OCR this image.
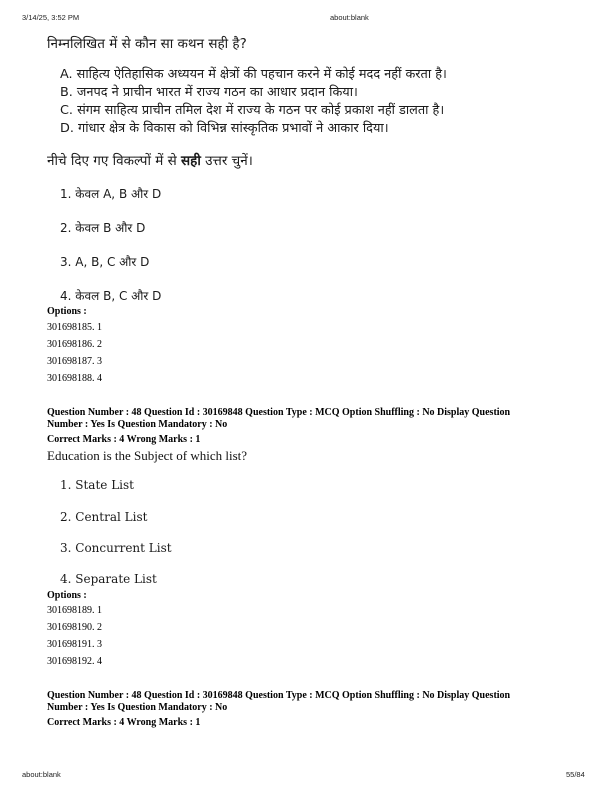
3/14/25, 3:52 PM	about:blank
निम्नलिखित में से कौन सा कथन सही है?
A. साहित्य ऐतिहासिक अध्ययन में क्षेत्रों की पहचान करने में कोई मदद नहीं करता है।
B. जनपद ने प्राचीन भारत में राज्य गठन का आधार प्रदान किया।
C. संगम साहित्य प्राचीन तमिल देश में राज्य के गठन पर कोई प्रकाश नहीं डालता है।
D. गांधार क्षेत्र के विकास को विभिन्न सांस्कृतिक प्रभावों ने आकार दिया।
नीचे दिए गए विकल्पों में से सही उत्तर चुनें।
1. केवल A, B और D
2. केवल B और D
3. A, B, C और D
4. केवल B, C और D
Options :
301698185. 1
301698186. 2
301698187. 3
301698188. 4
Question Number : 48 Question Id : 30169848 Question Type : MCQ Option Shuffling : No Display Question
Number : Yes Is Question Mandatory : No
Correct Marks : 4 Wrong Marks : 1
Education is the Subject of which list?
1. State List
2. Central List
3. Concurrent List
4. Separate List
Options :
301698189. 1
301698190. 2
301698191. 3
301698192. 4
Question Number : 48 Question Id : 30169848 Question Type : MCQ Option Shuffling : No Display Question
Number : Yes Is Question Mandatory : No
Correct Marks : 4 Wrong Marks : 1
about:blank	55/84
